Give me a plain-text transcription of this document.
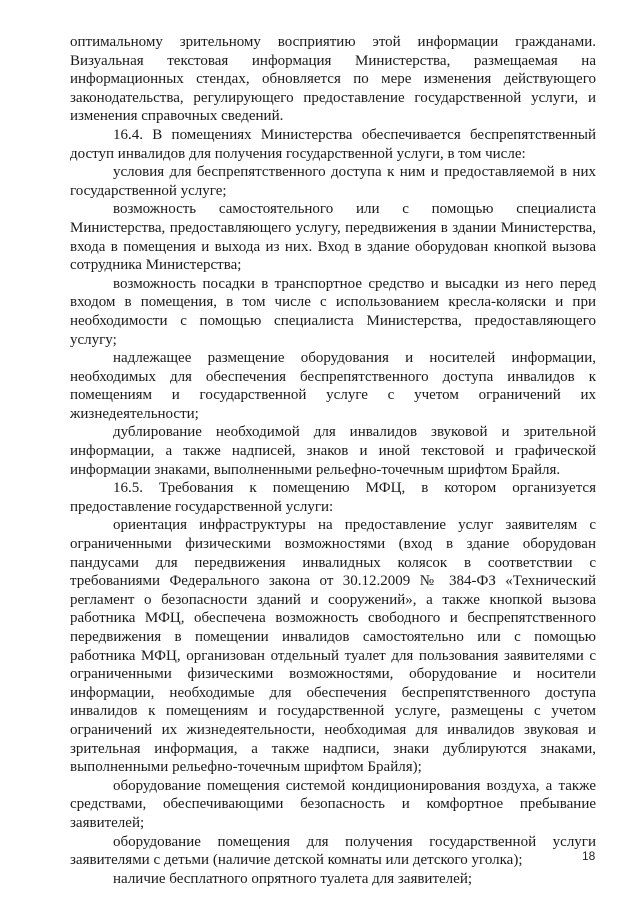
оптимальному зрительному восприятию этой информации гражданами. Визуальная текстовая информация Министерства, размещаемая на информационных стендах, обновляется по мере изменения действующего законодательства, регулирующего предоставление государственной услуги, и изменения справочных сведений.

16.4. В помещениях Министерства обеспечивается беспрепятственный доступ инвалидов для получения государственной услуги, в том числе:

условия для беспрепятственного доступа к ним и предоставляемой в них государственной услуге;

возможность самостоятельного или с помощью специалиста Министерства, предоставляющего услугу, передвижения в здании Министерства, входа в помещения и выхода из них. Вход в здание оборудован кнопкой вызова сотрудника Министерства;

возможность посадки в транспортное средство и высадки из него перед входом в помещения, в том числе с использованием кресла-коляски и при необходимости с помощью специалиста Министерства, предоставляющего услугу;

надлежащее размещение оборудования и носителей информации, необходимых для обеспечения беспрепятственного доступа инвалидов к помещениям и государственной услуге с учетом ограничений их жизнедеятельности;

дублирование необходимой для инвалидов звуковой и зрительной информации, а также надписей, знаков и иной текстовой и графической информации знаками, выполненными рельефно-точечным шрифтом Брайля.

16.5. Требования к помещению МФЦ, в котором организуется предоставление государственной услуги:

ориентация инфраструктуры на предоставление услуг заявителям с ограниченными физическими возможностями (вход в здание оборудован пандусами для передвижения инвалидных колясок в соответствии с требованиями Федерального закона от 30.12.2009 № 384-ФЗ «Технический регламент о безопасности зданий и сооружений», а также кнопкой вызова работника МФЦ, обеспечена возможность свободного и беспрепятственного передвижения в помещении инвалидов самостоятельно или с помощью работника МФЦ, организован отдельный туалет для пользования заявителями с ограниченными физическими возможностями, оборудование и носители информации, необходимые для обеспечения беспрепятственного доступа инвалидов к помещениям и государственной услуге, размещены с учетом ограничений их жизнедеятельности, необходимая для инвалидов звуковая и зрительная информация, а также надписи, знаки дублируются знаками, выполненными рельефно-точечным шрифтом Брайля);

оборудование помещения системой кондиционирования воздуха, а также средствами, обеспечивающими безопасность и комфортное пребывание заявителей;

оборудование помещения для получения государственной услуги заявителями с детьми (наличие детской комнаты или детского уголка);

наличие бесплатного опрятного туалета для заявителей;

18
